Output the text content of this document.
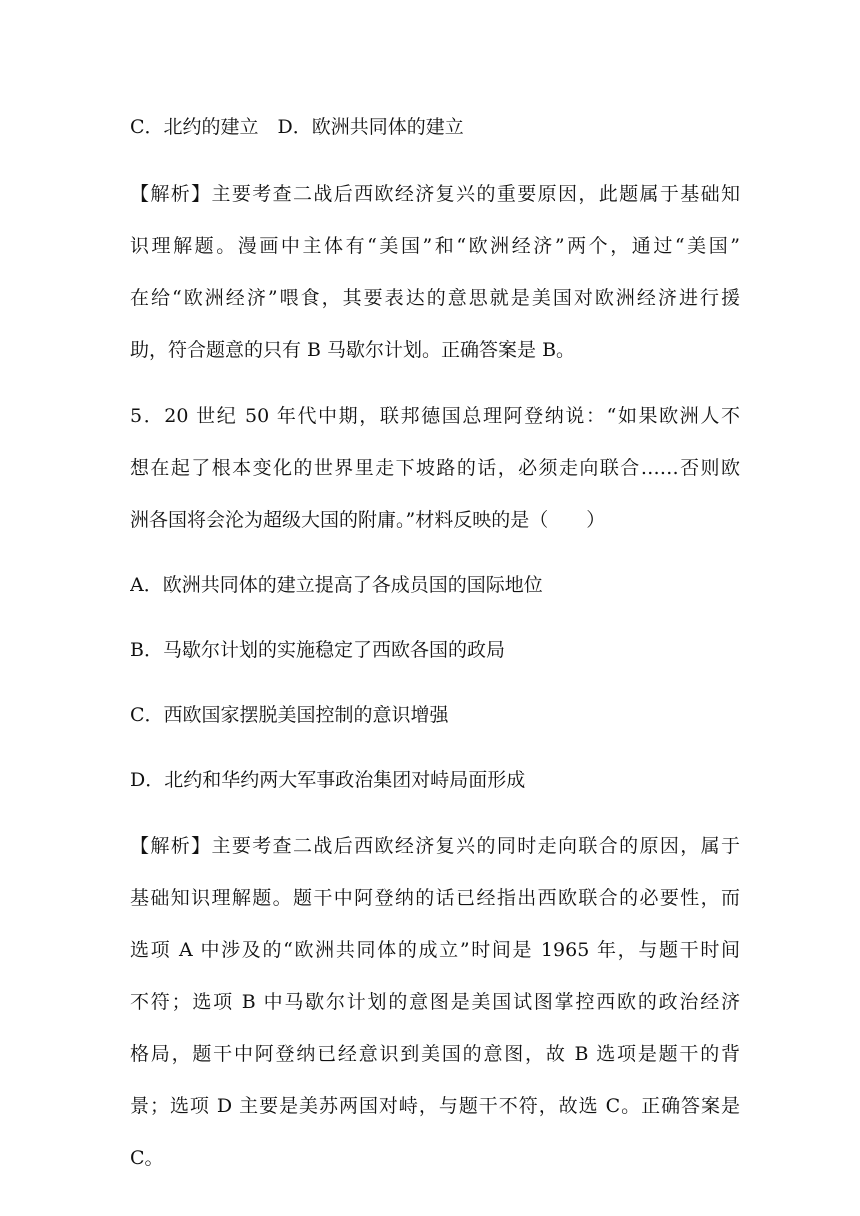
C．北约的建立　D．欧洲共同体的建立
【解析】主要考查二战后西欧经济复兴的重要原因，此题属于基础知
识理解题。漫画中主体有“美国”和“欧洲经济”两个，通过“美国”
在给“欧洲经济”喂食，其要表达的意思就是美国对欧洲经济进行援
助，符合题意的只有 B 马歇尔计划。正确答案是 B。
5．20 世纪 50 年代中期，联邦德国总理阿登纳说：“如果欧洲人不
想在起了根本变化的世界里走下坡路的话，必须走向联合……否则欧
洲各国将会沦为超级大国的附庸。”材料反映的是（　　）
A．欧洲共同体的建立提高了各成员国的国际地位
B．马歇尔计划的实施稳定了西欧各国的政局
C．西欧国家摆脱美国控制的意识增强
D．北约和华约两大军事政治集团对峙局面形成
【解析】主要考查二战后西欧经济复兴的同时走向联合的原因，属于
基础知识理解题。题干中阿登纳的话已经指出西欧联合的必要性，而
选项 A 中涉及的“欧洲共同体的成立”时间是 1965 年，与题干时间
不符；选项 B 中马歇尔计划的意图是美国试图掌控西欧的政治经济
格局，题干中阿登纳已经意识到美国的意图，故 B 选项是题干的背
景；选项 D 主要是美苏两国对峙，与题干不符，故选 C。正确答案是
C。
